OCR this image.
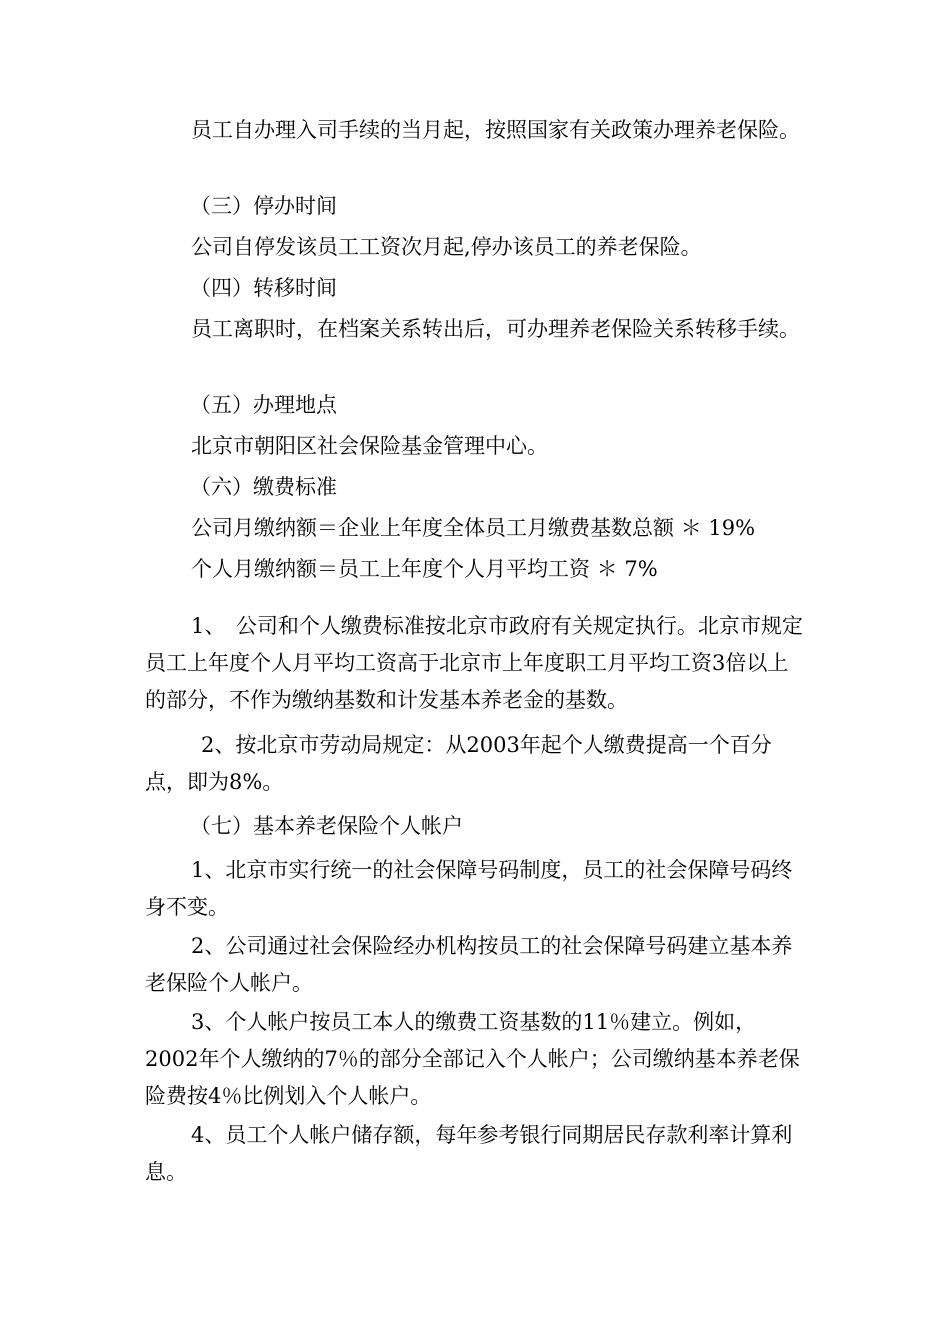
员工自办理入司手续的当月起，按照国家有关政策办理养老保险。

（三）停办时间

公司自停发该员工工资次月起,停办该员工的养老保险。

（四）转移时间

员工离职时，在档案关系转出后，可办理养老保险关系转移手续。

（五）办理地点

北京市朝阳区社会保险基金管理中心。

（六）缴费标准

公司月缴纳额＝企业上年度全体员工月缴费基数总额 ＊ 19%

个人月缴纳额＝员工上年度个人月平均工资 ＊ 7%

1、　公司和个人缴费标准按北京市政府有关规定执行。北京市规定员工上年度个人月平均工资高于北京市上年度职工月平均工资3倍以上的部分，不作为缴纳基数和计发基本养老金的基数。

2、按北京市劳动局规定：从2003年起个人缴费提高一个百分点，即为8%。

（七）基本养老保险个人帐户

1、北京市实行统一的社会保障号码制度，员工的社会保障号码终身不变。

2、公司通过社会保险经办机构按员工的社会保障号码建立基本养老保险个人帐户。

3、个人帐户按员工本人的缴费工资基数的11％建立。例如，2002年个人缴纳的7％的部分全部记入个人帐户；公司缴纳基本养老保险费按4％比例划入个人帐户。

4、员工个人帐户储存额，每年参考银行同期居民存款利率计算利息。
